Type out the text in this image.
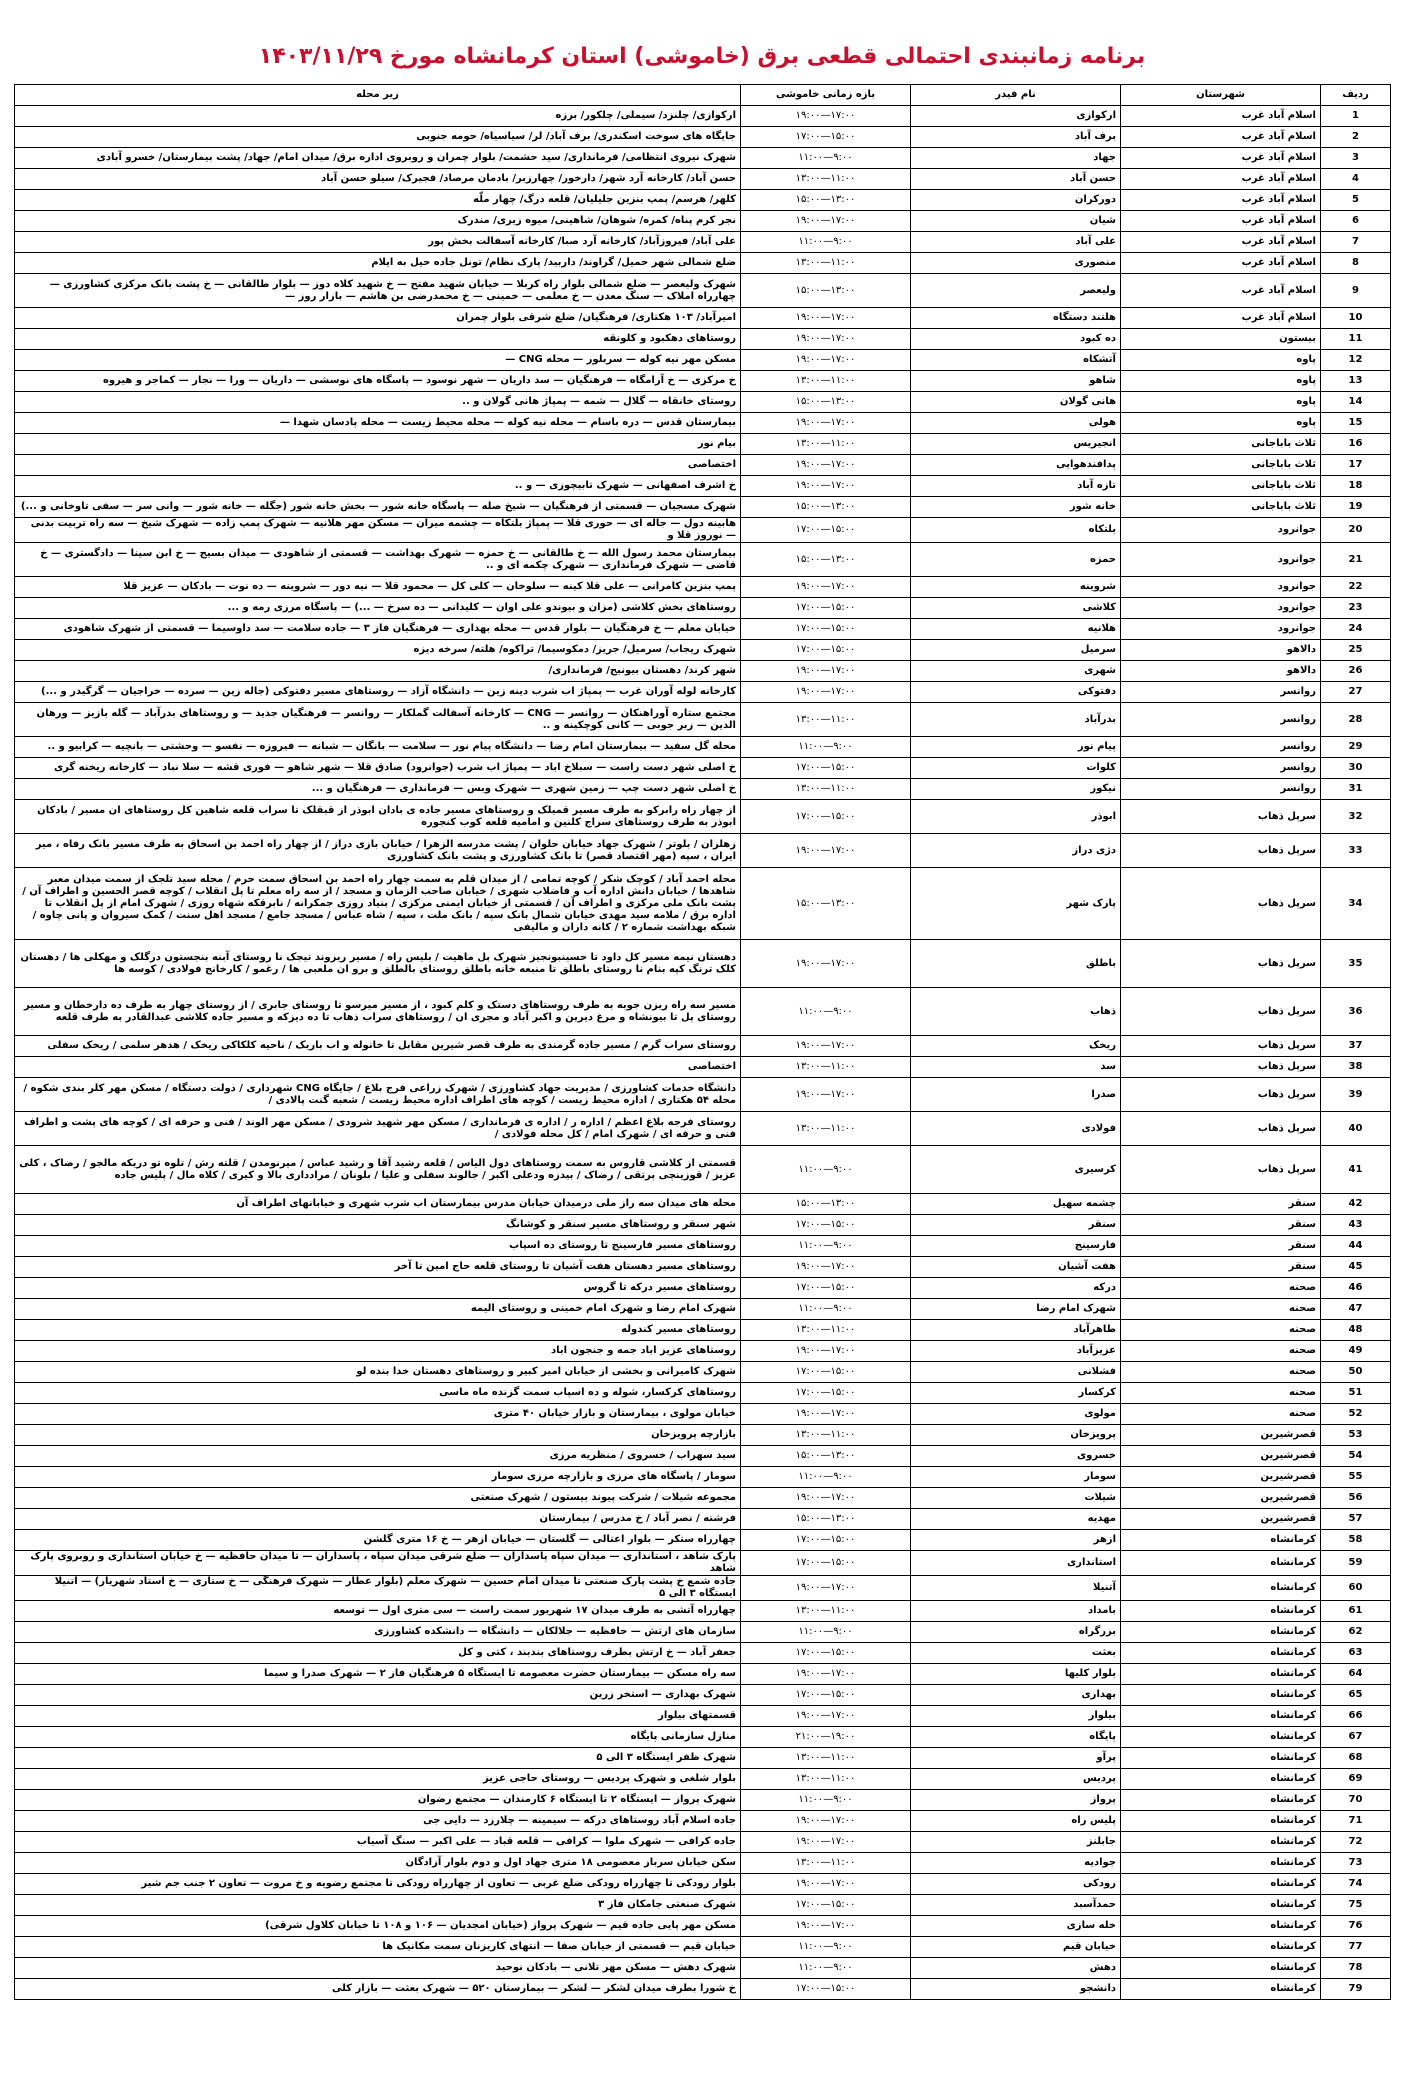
برنامه زمانبندی احتمالی قطعی برق (خاموشی) استان کرمانشاه مورخ ۱۴۰۳/۱۱/۲۹
ردیف	شهرستان	نام فیدر	بازه زمانی خاموشی	زیر محله
1	اسلام آباد غرب	ارکوازی	۱۷:۰۰—۱۹:۰۰	ارکوازی/ چلنزد/ سیملی/ چلکور/ برزه
2	اسلام آباد غرب	برف آباد	۱۵:۰۰—۱۷:۰۰	جایگاه های سوخت اسکندری/ برف آباد/ لر/ سیاسیاه/ حومه جنوبی
3	اسلام آباد غرب	جهاد	۹:۰۰—۱۱:۰۰	شهرک نیروی انتظامی/ فرمانداری/ سید حشمت/ بلوار چمران و روبروی اداره برق/ میدان امام/ جهاد/ پشت بیمارستان/ خسرو آبادی
4	اسلام آباد غرب	حسن آباد	۱۱:۰۰—۱۳:۰۰	حسن آباد/ کارخانه آرد شهر/ دارخور/ چهارزبر/ بادمان مرصاد/ فجیرک/ سیلو حسن آباد
5	اسلام آباد غرب	دورکران	۱۳:۰۰—۱۵:۰۰	کلهر/ هرسم/ پمپ بنزین جلیلیان/ قلعه درگ/ چهار ملّه
6	اسلام آباد غرب	شیان	۱۷:۰۰—۱۹:۰۰	نجر کرم پناه/ کمره/ شوهان/ شاهینی/ میوه زیری/ مندرک
7	اسلام آباد غرب	علی آباد	۹:۰۰—۱۱:۰۰	علی آباد/ فیروزآباد/ کارخانه آرد صبا/ کارخانه آسفالت بخش پور
8	اسلام آباد غرب	منصوری	۱۱:۰۰—۱۳:۰۰	ضلع شمالی شهر حمیل/ گراوند/ داربید/ پارک نظام/ تونل جاده حیل به ایلام
9	اسلام آباد غرب	ولیعصر	۱۳:۰۰—۱۵:۰۰	شهرک ولیعصر — ضلع شمالی بلوار راه کربلا — خیابان شهید مفتح — خ شهید کلاه دوز — بلوار طالقانی — خ پشت بانک مرکزی کشاورزی — چهارراه املاک — سنگ معدن — خ معلمی — خمینی — خ محمدرضی بن هاشم — بازار روز —
10	اسلام آباد غرب	هلتند دستگاه	۱۷:۰۰—۱۹:۰۰	امیرآباد/ ۱۰۳ هکتاری/ فرهنگیان/ ضلع شرقی بلوار چمران
11	بیستون	ده کبود	۱۷:۰۰—۱۹:۰۰	روستاهای دهکبود و کلونقه
12	پاوه	آتشکاه	۱۷:۰۰—۱۹:۰۰	مسکن مهر نیه کوله — سربلور — محله CNG —
13	پاوه	شاهو	۱۱:۰۰—۱۳:۰۰	خ مرکزی — خ آرامگاه — فرهنگیان — سد داریان — شهر نوسود — پاسگاه های نوسشی — داریان — ورا — نجار — کماجر و هیروه
14	پاوه	هانی گولان	۱۳:۰۰—۱۵:۰۰	روستای خانقاه — گلال — شمه — پمپاژ هانی گولان و ..
15	پاوه	هولی	۱۷:۰۰—۱۹:۰۰	بیمارستان قدس — دره باسام — محله نیه کوله — محله محیط زیست — محله پادسان شهدا —
16	ثلاث باباجانی	انجیریس	۱۱:۰۰—۱۳:۰۰	بیام نور
17	ثلاث باباجانی	پدافندهوایی	۱۷:۰۰—۱۹:۰۰	اختصاصی
18	ثلاث باباجانی	تازه آباد	۱۷:۰۰—۱۹:۰۰	خ اشرف اصفهانی — شهرک تابیچوزی — و ..
19	ثلاث باباجانی	خانه شور	۱۳:۰۰—۱۵:۰۰	شهرک مسجیان — قسمتی از فرهنگیان — شیخ صله — پاسگاه خانه شور — بخش خانه شور (جگله — خانه شور — وانی سر — سفی تاوخانی و ...)
20	جوانرود	بلتکاه	۱۵:۰۰—۱۷:۰۰	هابینه دول — جاله ای — حوری قلا — پمپاژ بلتکاه — چشمه میران — مسکن مهر هلانیه — شهرک پمپ زاده — شهرک شیخ — سه راه تربیت بدنی — نوروز قلا و
21	جوانرود	حمزه	۱۳:۰۰—۱۵:۰۰	بیمارستان محمد رسول الله — خ طالقانی — خ حمزه — شهرک بهداشت — قسمتی از شاهودی — میدان بسیج — خ ابن سینا — دادگستری — خ قاضی — شهرک فرمانداری — شهرک چکمه ای و ..
22	جوانرود	شروینه	۱۷:۰۰—۱۹:۰۰	پمپ بنزین کامرانی — علی قلا کینه — سلوخان — کلی کل — محمود قلا — نیه دور — شروینه — ده نوت — بادکان — عزیز قلا
23	جوانرود	کلاشی	۱۵:۰۰—۱۷:۰۰	روستاهای بخش کلاشی (مزان و بیوندو علی اوان — کلیدانی — ده سرخ — ...) — پاسگاه مرزی رمه و ...
24	جوانرود	هلانیه	۱۵:۰۰—۱۷:۰۰	خیابان معلم — خ فرهنگیان — بلوار قدس — محله بهداری — فرهنگیان فاز ۳ — جاده سلامت — سد داوسیما — قسمتی از شهرک شاهودی
25	دالاهو	سرمیل	۱۵:۰۰—۱۷:۰۰	شهرک ریجاب/ سرمیل/ جریز/ دمکوسیما/ تراکوه/ هلته/ سرخه دیزه
26	دالاهو	شهری	۱۷:۰۰—۱۹:۰۰	شهر کرند/ دهستان بیونیج/ فرمانداری/
27	روانسر	دفتوکی	۱۷:۰۰—۱۹:۰۰	کارخانه لوله آوران غرب — پمپاژ اب شرب دینه زین — دانشگاه آزاد — روستاهای مسیر دفتوکی (جاله زین — سرده — خراجیان — گرگیدر و ...)
28	روانسر	بدرآباد	۱۱:۰۰—۱۳:۰۰	مجتمع ستاره آوراهنکان — روانسر — CNG — کارخانه آسفالت گملکار — روانسر — فرهنگیان جدید — و روستاهای بدرآباد — گله بازیز — ورهان الدین — زبر جوبی — کانی کوچکینه و ..
29	روانسر	پیام نور	۹:۰۰—۱۱:۰۰	محله گل سفید — بیمارستان امام رضا — دانشگاه پیام نور — سلامت — بانگان — شبانه — فیروزه — نفسو — وحشتی — بانچیه — کرابیو و ..
30	روانسر	کلوات	۱۵:۰۰—۱۷:۰۰	خ اصلی شهر دست راست — سبلاخ اباد — پمپاژ اب شرب (جوانرود) صادق قلا — شهر شاهو — فوری قشه — سلا نباد — کارخانه ریخنه گری
31	روانسر	نیکور	۱۱:۰۰—۱۳:۰۰	خ اصلی شهر دست چپ — زمین شهری — شهرک وبس — فرمانداری — فرهنگیان و ...
32	سرپل ذهاب	ابوذر	۱۵:۰۰—۱۷:۰۰	از چهار راه رابرکو به طرف مسیر قمیلک و روستاهای مسیر جاده ی بادان ابوذر از قبقلک تا سراب قلعه شاهین کل روستاهای ان مسیر / بادکان ابوذر به طرف روستاهای سراج کلنین و امامیه قلعه کوب کنجوره
33	سرپل ذهاب	دژی دراز	۱۷:۰۰—۱۹:۰۰	زهلزان / بلوتر / شهرک جهاد خیابان حلوان / پشت مدرسه الزهرا / خیابان بازی دراز / از چهار راه احمد بن اسحاق به طرف مسیر بانک رفاه ، میر ایران ، سپه (مهر اقتصاد قصر) تا بانک کشاورزی و پشت بانک کشاورزی
34	سرپل ذهاب	پارک شهر	۱۳:۰۰—۱۵:۰۰	محله احمد آباد / کوچک شکر / کوچه تمامی / از میدان قلم به سمت چهار راه احمد بن اسحاق سمت حرم / محله سید تلجک از سمت میدان معبر شاهدها / خیابان دانش اداره آب و فاضلاب شهری / خیابان صاحب الزمان و مسجد / از سه راه معلم تا پل انقلاب / کوچه قصر الحسین و اطراف آن / پشت بانک ملی مرکزی و اطراف آن / قسمتی از خیابان ایمنی مرکزی / بنیاد روزی جمکرانه / نابرقکه شهاه روزی / شهرک امام از پل انقلاب تا اداره برق / ملامه سید مهدی خیابان شمال بانک سپه / بانک ملت ، سپه / شاه عباس / مسجد جامع / مسجد اهل سنت / کمک سیروان و پانی چاوه / شبکه بهداشت شماره ۲ / کانه داران و مالیفی
35	سرپل ذهاب	باطلق	۱۷:۰۰—۱۹:۰۰	دهستان نیمه مسیر کل داود تا حسینبونجیز شهرک بل ماهیت / بلیس راه / مسیر ریزوند تیجک نا روستای آبنه بنجستون درگلک و مهکلی ها / دهستان کلک ترنگ کپه بنام نا روستای باطلق تا منبعه خانه باطلق روستای بالطلق و برو ان ملعبی ها / رغمو / کارخانج فولادی / کوسه ها
36	سرپل ذهاب	ذهاب	۹:۰۰—۱۱:۰۰	مسیر سه راه ریزن جوبه به طرف روستاهای دستک و کلم کبود ، از مسیر میرسو تا روستای جابری / از روستای چهار به طرف ده دارخطان و مسیر روستای پل تا بیونشاه و مرغ دیرین و اکبر آباد و مجری ان / روستاهای سراب ذهاب تا ده دیزکه و مسیر جاده کلاشی عبدالقادر به طرف قلعه
37	سرپل ذهاب	ریخک	۱۷:۰۰—۱۹:۰۰	روستای سراب گرم / مسیر جاده گرمندی به طرف قصر شیرین مقابل تا خانوله و اب باریک / ناحیه کلکاکی ریخک / هدهر سلمی / ریخک سفلی
38	سرپل ذهاب	سد	۱۱:۰۰—۱۳:۰۰	اختصاصی
39	سرپل ذهاب	صدرا	۱۷:۰۰—۱۹:۰۰	دانشگاه خدمات کشاورزی / مدیریت جهاد کشاورزی / شهرک زراعی فرج بلاغ / جایگاه CNG شهرداری / دولت دستگاه / مسکن مهر کلر بندی شکوه / محله ۵۴ هکتاری / اداره محیط زیست / کوچه های اطراف اداره محیط زیست / شعبه گنت پالادی /
40	سرپل ذهاب	فولادی	۱۱:۰۰—۱۳:۰۰	روستای فرجه بلاغ اعظم / اداره ر / اداره ی فرمانداری / مسکن مهر شهید شرودی / مسکن مهر الوند / فنی و حرفه ای / کوچه های پشت و اطراف فنی و حرفه ای / شهرک امام / کل محله فولادی /
41	سرپل ذهاب	کرسیری	۹:۰۰—۱۱:۰۰	قسمتی از کلاشی قاروس به سمت روستاهای دول الیاس / قلعه رشید آقا و رشید عباس / میرنومدن / قلته رش / تلوه تو دریکه مالجو / رضاک ، کلی عزیز / قوزینچی پرتقی / رضاک / بیدزه ودعلی اکبر / جالوند سفلی و علیا / بلونان / مرادداری بالا و کیری / کلاه مال / پلیس جاده
42	سنقر	چشمه سهیل	۱۳:۰۰—۱۵:۰۰	محله های میدان سه راز ملی درمیدان خیابان مدرس بیمارستان اب شرب شهری و خیابانهای اطراف آن
43	سنقر	سنقر	۱۵:۰۰—۱۷:۰۰	شهر سنقر و روستاهای مسیر سنقر و کوشانگ
44	سنقر	فارسینج	۹:۰۰—۱۱:۰۰	روستاهای مسیر فارسینج تا روستای ده اسپاب
45	سنقر	هفت آشیان	۱۷:۰۰—۱۹:۰۰	روستاهای مسیر دهستان هفت آشیان تا روستای قلعه حاج امین تا آخر
46	صحنه	درکه	۱۵:۰۰—۱۷:۰۰	روستاهای مسیر درکه تا گروس
47	صحنه	شهرک امام رضا	۹:۰۰—۱۱:۰۰	شهرک امام رضا و شهرک امام خمینی و روستای الیمه
48	صحنه	طاهرآباد	۱۱:۰۰—۱۳:۰۰	روستاهای مسیر کندوله
49	صحنه	عزیزآباد	۱۷:۰۰—۱۹:۰۰	روستاهای عزیز اباد جمه و جنجون اباد
50	صحنه	فشلانی	۱۵:۰۰—۱۷:۰۰	شهرک کامیرانی و بخشی از خیابان امیر کبیر و روستاهای دهستان خدا بنده لو
51	صحنه	کرکسار	۱۵:۰۰—۱۷:۰۰	روستاهای کرکسار، شوله و ده اسپاب سمت گزنده ماه ماسی
52	صحنه	مولوی	۱۷:۰۰—۱۹:۰۰	خیابان مولوی ، بیمارستان و بازار خیابان ۴۰ متری
53	قصرشیرین	پرویزخان	۱۱:۰۰—۱۳:۰۰	بازارچه پرویزخان
54	قصرشیرین	خسروی	۱۳:۰۰—۱۵:۰۰	سید سهراب / خسروی / منظریه مرزی
55	قصرشیرین	سومار	۹:۰۰—۱۱:۰۰	سومار / پاسگاه های مرزی و بازارچه مرزی سومار
56	قصرشیرین	شیلات	۱۷:۰۰—۱۹:۰۰	مجموعه شیلات / شرکت پیوند بیستون / شهرک صنعتی
57	قصرشیرین	مهدیه	۱۳:۰۰—۱۵:۰۰	فرشته / نصر آباد / خ مدرس / بیمارستان
58	کرمانشاه	ازهر	۱۵:۰۰—۱۷:۰۰	چهارراه ستکر — بلوار اعتالی — گلستان — خیابان ازهر — خ ۱۶ متری گلشن
59	کرمانشاه	استانداری	۱۵:۰۰—۱۷:۰۰	پارک شاهد ، استانداری — میدان سپاه پاسداران — ضلع شرقی میدان سپاه ، پاسداران — تا میدان حافظیه — خ خیابان استانداری و روبروی پارک شاهد
60	کرمانشاه	آتنیلا	۱۷:۰۰—۱۹:۰۰	جاده شمع خ پشت پارک صنعتی تا میدان امام حسین — شهرک معلم (بلوار عطار — شهرک فرهنگی — خ ستاری — خ استاد شهریار) — آتنیلا ایستگاه ۳ الی ۵
61	کرمانشاه	بامداد	۱۱:۰۰—۱۳:۰۰	چهارراه آتشی به طرف میدان ۱۷ شهریور سمت راست — سی متری اول — توسعه
62	کرمانشاه	بزرگراه	۹:۰۰—۱۱:۰۰	سازمان های ارتش — حافظیه — جلالکان — دانشگاه — دانشکده کشاورزی
63	کرمانشاه	بعثت	۱۵:۰۰—۱۷:۰۰	جعفر آباد — خ ارتش بطرف روستاهای بندبند ، کتی و کل
64	کرمانشاه	بلوار کلیها	۱۷:۰۰—۱۹:۰۰	سه راه مسکن — بیمارستان حضرت معصومه تا ایستگاه ۵ فرهنگیان فاز ۲ — شهرک صدرا و سیما
65	کرمانشاه	بهداری	۱۵:۰۰—۱۷:۰۰	شهرک بهداری — استخر زرین
66	کرمانشاه	بیلوار	۱۷:۰۰—۱۹:۰۰	قسمتهای بیلوار
67	کرمانشاه	پایگاه	۱۹:۰۰—۲۱:۰۰	منازل سازمانی پایگاه
68	کرمانشاه	پرآو	۱۱:۰۰—۱۳:۰۰	شهرک ظفر ایستگاه ۳ الی ۵
69	کرمانشاه	پردیس	۱۱:۰۰—۱۳:۰۰	بلوار شلغی و شهرک پردیس — روستای حاجی عزیز
70	کرمانشاه	پرواز	۹:۰۰—۱۱:۰۰	شهرک پرواز — ایستگاه ۲ تا ایستگاه ۶ کارمندان — مجتمع رضوان
71	کرمانشاه	پلیس راه	۱۷:۰۰—۱۹:۰۰	جاده اسلام آباد روستاهای درکه — سیمینه — چلارزد — دایی جی
72	کرمانشاه	جابلنز	۱۷:۰۰—۱۹:۰۰	جاده کرافی — شهرک ملوا — کرافی — قلعه قباد — علی اکبر — سنگ آسیاب
73	کرمانشاه	جوادیه	۱۱:۰۰—۱۳:۰۰	سکن خیابان سرباز معصومی ۱۸ متری جهاد اول و دوم بلوار آزادگان
74	کرمانشاه	رودکی	۱۷:۰۰—۱۹:۰۰	بلوار رودکی تا چهارراه رودکی ضلع غربی — تعاون از چهارراه رودکی تا مجتمع رضویه و خ مروت — تعاون ۲ جنب جم شیر
75	کرمانشاه	حمدآسبد	۱۵:۰۰—۱۷:۰۰	شهرک صنعتی جامکان فاز ۳
76	کرمانشاه	خله سازی	۱۷:۰۰—۱۹:۰۰	مسکن مهر پایی جاده قیم — شهرک پرواز (خیابان امجدیان — ۱۰۶ و ۱۰۸ تا خیابان کلاول شرقی)
77	کرمانشاه	خیابان قیم	۹:۰۰—۱۱:۰۰	خیابان قیم — قسمتی از خیابان صفا — انتهای کاریزنان سمت مکانیک ها
78	کرمانشاه	دهش	۹:۰۰—۱۱:۰۰	شهرک دهش — مسکن مهر تلانی — بادکان نوحید
79	کرمانشاه	دانشجو	۱۵:۰۰—۱۷:۰۰	خ شورا بطرف میدان لشکر — لشکر — بیمارستان ۵۲۰ — شهرک بعثت — بازار کلی
